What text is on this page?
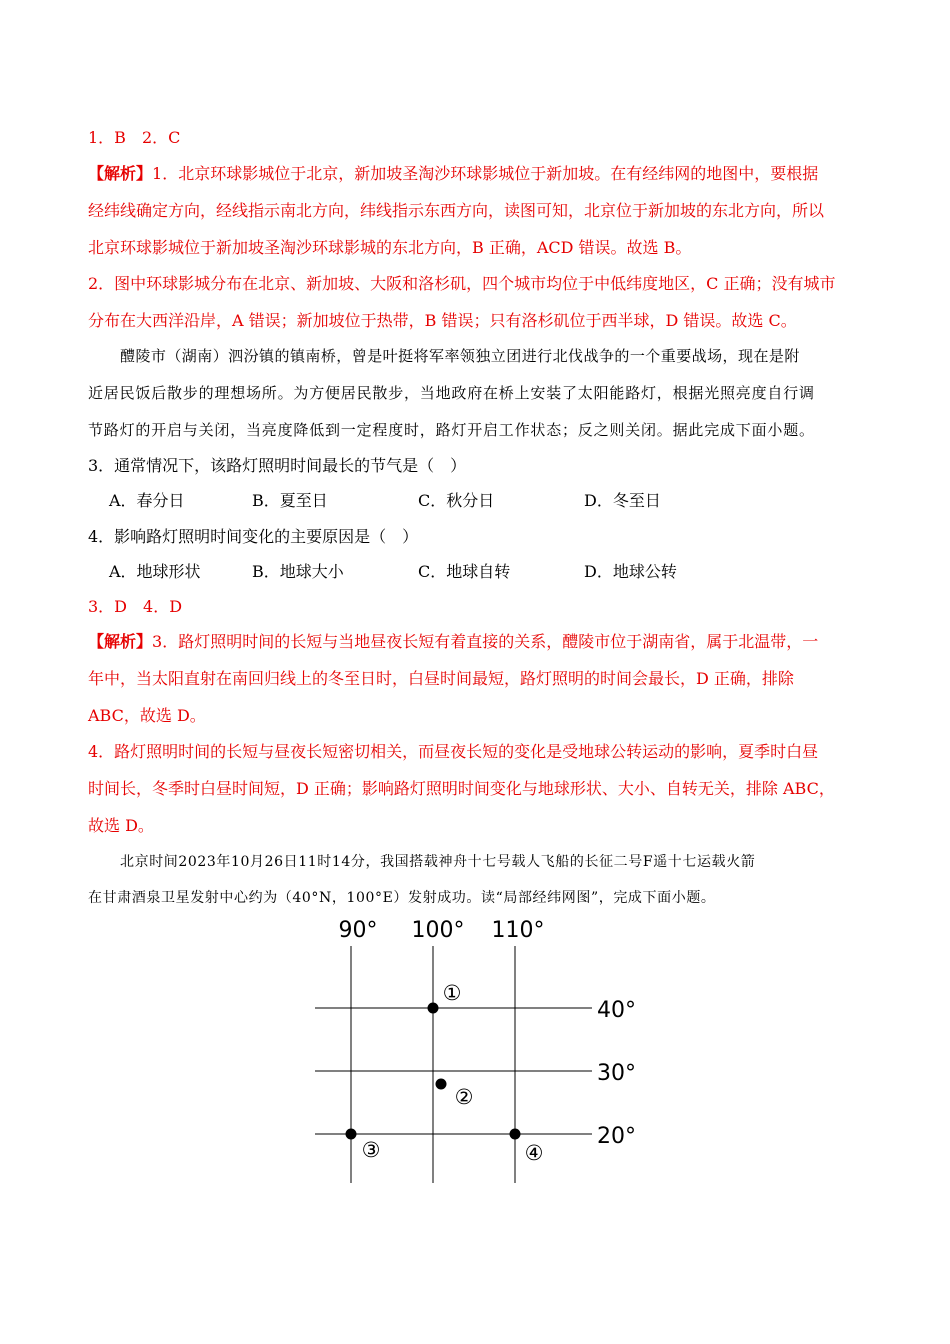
1．B　2．C
【解析】1．北京环球影城位于北京，新加坡圣淘沙环球影城位于新加坡。在有经纬网的地图中，要根据
经纬线确定方向，经线指示南北方向，纬线指示东西方向，读图可知，北京位于新加坡的东北方向，所以
北京环球影城位于新加坡圣淘沙环球影城的东北方向，B 正确，ACD 错误。故选 B。
2．图中环球影城分布在北京、新加坡、大阪和洛杉矶，四个城市均位于中低纬度地区，C 正确；没有城市
分布在大西洋沿岸，A 错误；新加坡位于热带，B 错误；只有洛杉矶位于西半球，D 错误。故选 C。
醴陵市（湖南）泗汾镇的镇南桥，曾是叶挺将军率领独立团进行北伐战争的一个重要战场，现在是附
近居民饭后散步的理想场所。为方便居民散步，当地政府在桥上安装了太阳能路灯，根据光照亮度自行调
节路灯的开启与关闭，当亮度降低到一定程度时，路灯开启工作状态；反之则关闭。据此完成下面小题。
3．通常情况下，该路灯照明时间最长的节气是（　）
A．春分日	B．夏至日	C．秋分日	D．冬至日
4．影响路灯照明时间变化的主要原因是（　）
A．地球形状	B．地球大小	C．地球自转	D．地球公转
3．D　4．D
【解析】3．路灯照明时间的长短与当地昼夜长短有着直接的关系，醴陵市位于湖南省，属于北温带，一
年中，当太阳直射在南回归线上的冬至日时，白昼时间最短，路灯照明的时间会最长，D 正确，排除
ABC，故选 D。
4．路灯照明时间的长短与昼夜长短密切相关，而昼夜长短的变化是受地球公转运动的影响，夏季时白昼
时间长，冬季时白昼时间短，D 正确；影响路灯照明时间变化与地球形状、大小、自转无关，排除 ABC，
故选 D。
北京时间2023年10月26日11时14分，我国搭载神舟十七号载人飞船的长征二号F遥十七运载火箭
在甘肃酒泉卫星发射中心约为（40°N，100°E）发射成功。读“局部经纬网图”，完成下面小题。
90° 100° 110°
40°
30°
20°
①
②
③	④
